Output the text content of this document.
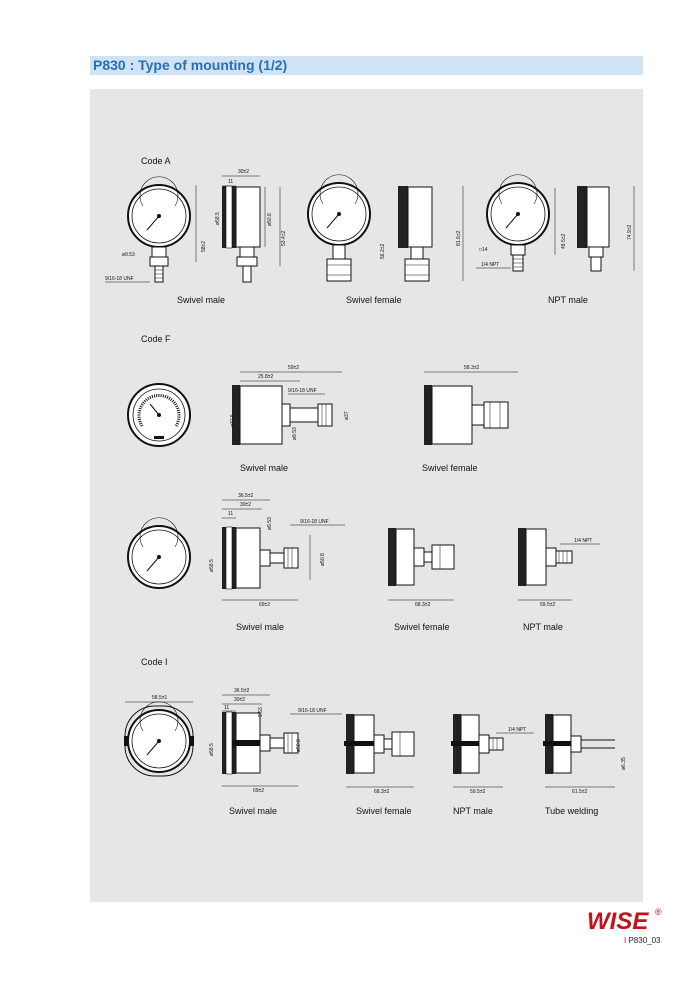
P830 : Type of mounting (1/2)
Code A
ø9.53
9/16-18 UNF
58±2
30±2
11
ø58.5	ø50.8
53.4±2
Swivel male
56.2±2
81.6±2
Swivel female
□14
1/4 NPT
49.5±2
74.9±2
NPT male
Code F
59±2
25.8±2
9/16-18 UNF
ø37.5	ø37
ø9.53
Swivel male
58.3±2
Swivel female
36.5±2
30±2
11
ø9.53	9/16-18 UNF
ø58.5	ø50.8
69±2
Swivel male
68.3±2
Swivel female
1/4 NPT
59.5±2
NPT male
Code I
58.5±1
36.5±2
30±2
11	9.53	9/16-18 UNF
ø58.5	ø50.8
69±2
Swivel male
68.3±2
Swivel female
1/4 NPT
59.5±2
NPT male
ø6.35
61.5±2
Tube welding
WISE ®
I P830_03
